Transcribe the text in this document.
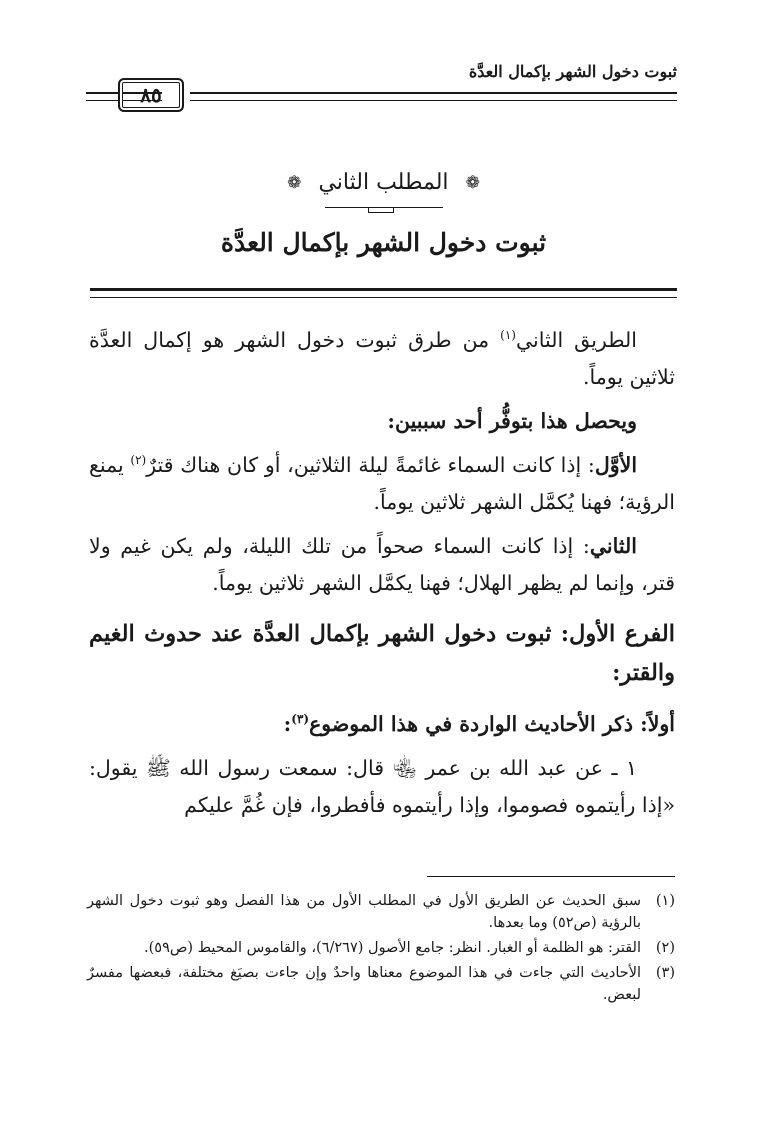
ثبوت دخول الشهر بإكمال العدَّة
٨٥
❁ المطلب الثاني ❁
ثبوت دخول الشهر بإكمال العدَّة

الطريق الثاني$^{(١)}$ من طرق ثبوت دخول الشهر هو إكمال العدَّة ثلاثين يوماً.

ويحصل هذا بتوفُّر أحد سببين:

الأوَّل: إذا كانت السماء غائمةً ليلة الثلاثين، أو كان هناك قترٌ$^{(٢)}$ يمنع الرؤية؛ فهنا يُكمَّل الشهر ثلاثين يوماً.

الثاني: إذا كانت السماء صحواً من تلك الليلة، ولم يكن غيم ولا قتر، وإنما لم يظهر الهلال؛ فهنا يكمَّل الشهر ثلاثين يوماً.

الفرع الأول: ثبوت دخول الشهر بإكمال العدَّة عند حدوث الغيم والقتر:

أولاً: ذكر الأحاديث الواردة في هذا الموضوع$^{(٣)}$:

١ ـ عن عبد الله بن عمر ﵄ قال: سمعت رسول الله ﷺ يقول: «إذا رأيتموه فصوموا، وإذا رأيتموه فأفطروا، فإن غُمَّ عليكم

(١)
سبق الحديث عن الطريق الأول في المطلب الأول من هذا الفصل وهو ثبوت دخول الشهر بالرؤية (ص٥٢) وما بعدها.
(٢)
القتر: هو الظلمة أو الغبار. انظر: جامع الأصول (٦/٢٦٧)، والقاموس المحيط (ص٥٩).
(٣)
الأحاديث التي جاءت في هذا الموضوع معناها واحدٌ وإن جاءت بصيَغ مختلفة، فبعضها مفسرٌ لبعض.
